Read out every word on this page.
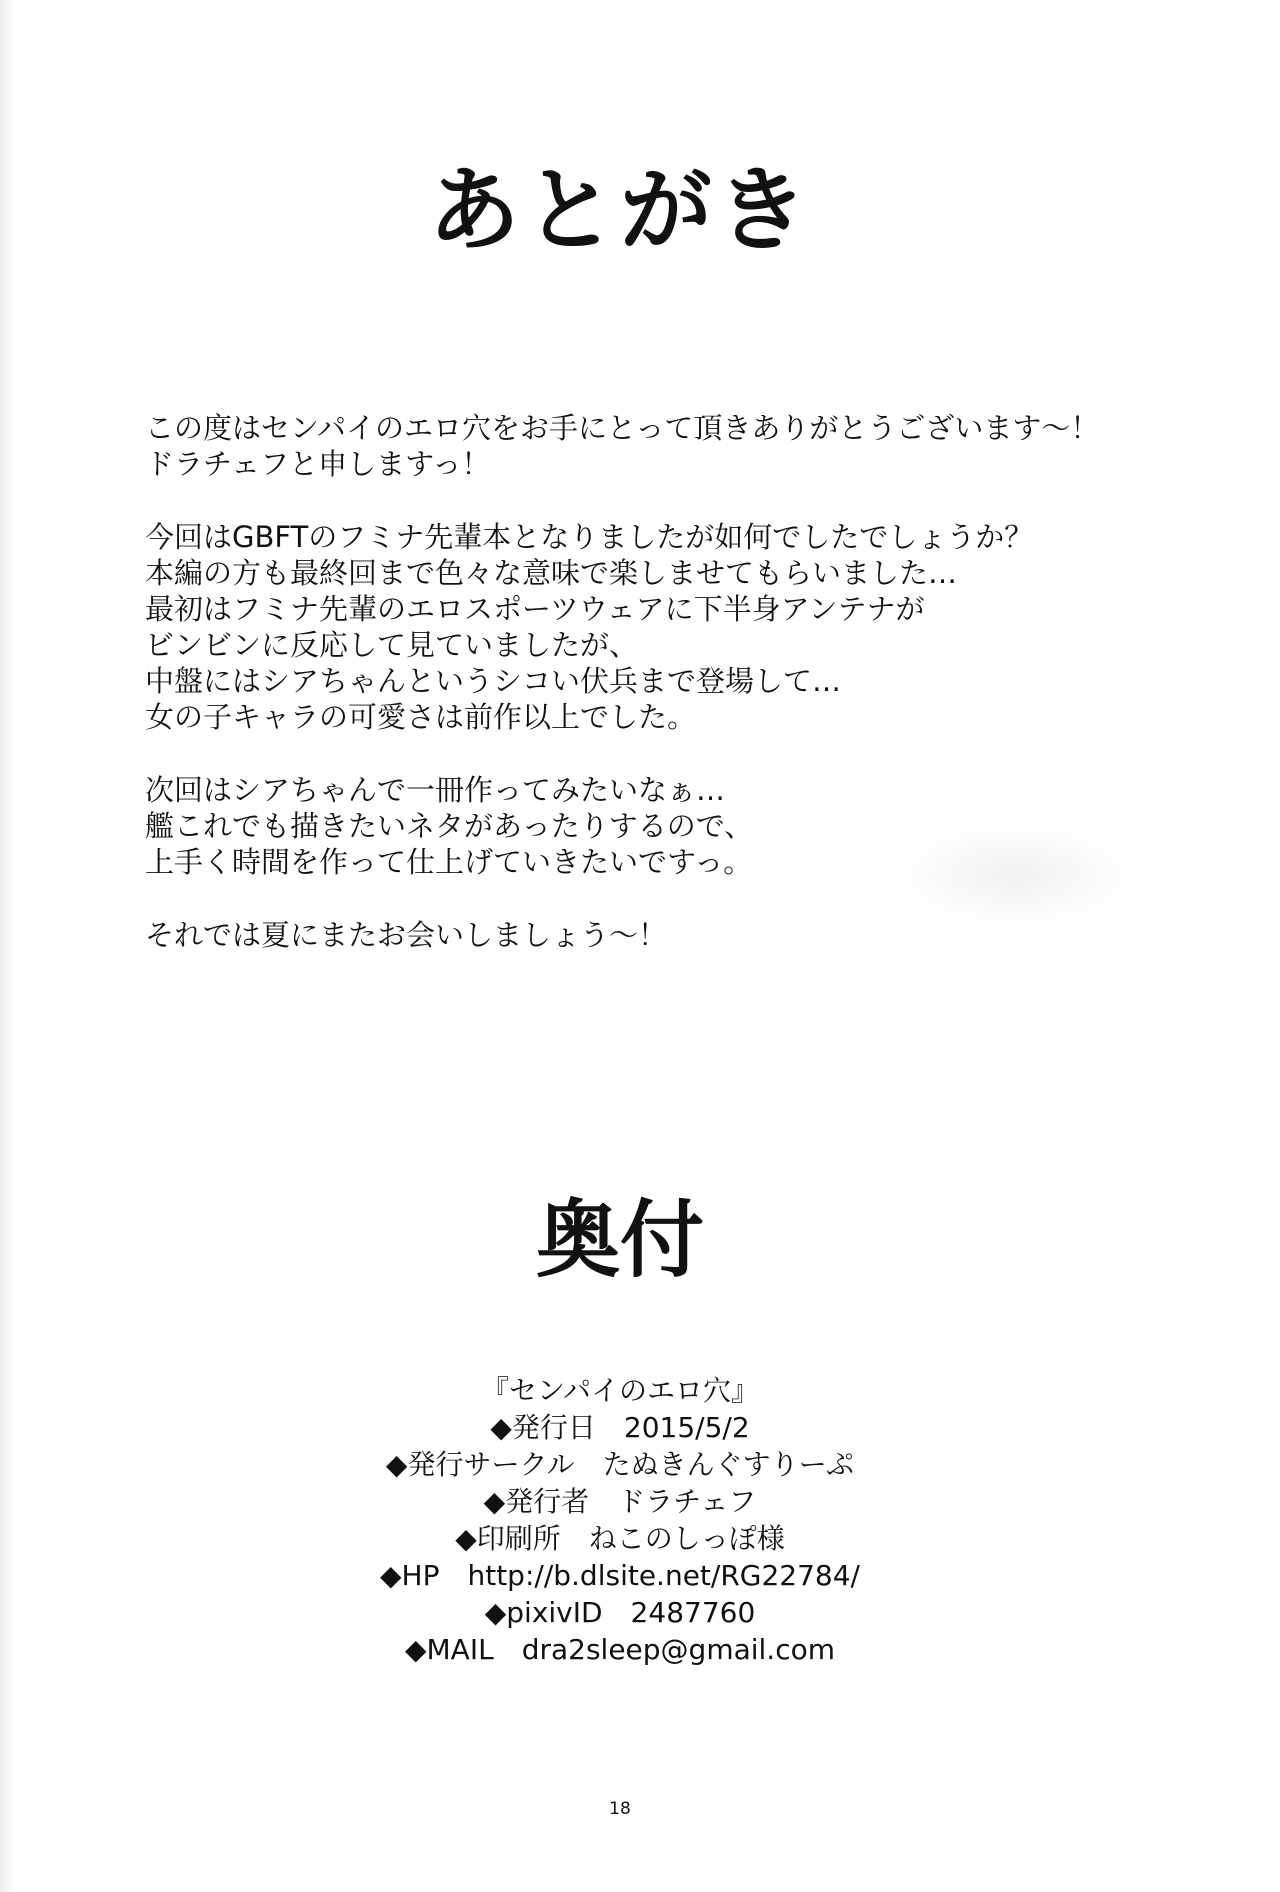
あとがき

この度はセンパイのエロ穴をお手にとって頂きありがとうございます～！
ドラチェフと申しますっ！

今回はGBFTのフミナ先輩本となりましたが如何でしたでしょうか？
本編の方も最終回まで色々な意味で楽しませてもらいました…
最初はフミナ先輩のエロスポーツウェアに下半身アンテナが
ビンビンに反応して見ていましたが、
中盤にはシアちゃんというシコい伏兵まで登場して…
女の子キャラの可愛さは前作以上でした。

次回はシアちゃんで一冊作ってみたいなぁ…
艦これでも描きたいネタがあったりするので、
上手く時間を作って仕上げていきたいですっ。

それでは夏にまたお会いしましょう～！

奥付
『センパイのエロ穴』
◆発行日　2015/5/2
◆発行サークル　たぬきんぐすりーぷ
◆発行者　ドラチェフ
◆印刷所　ねこのしっぽ様
◆HP　http://b.dlsite.net/RG22784/
◆pixivID　2487760
◆MAIL　dra2sleep@gmail.com
18
